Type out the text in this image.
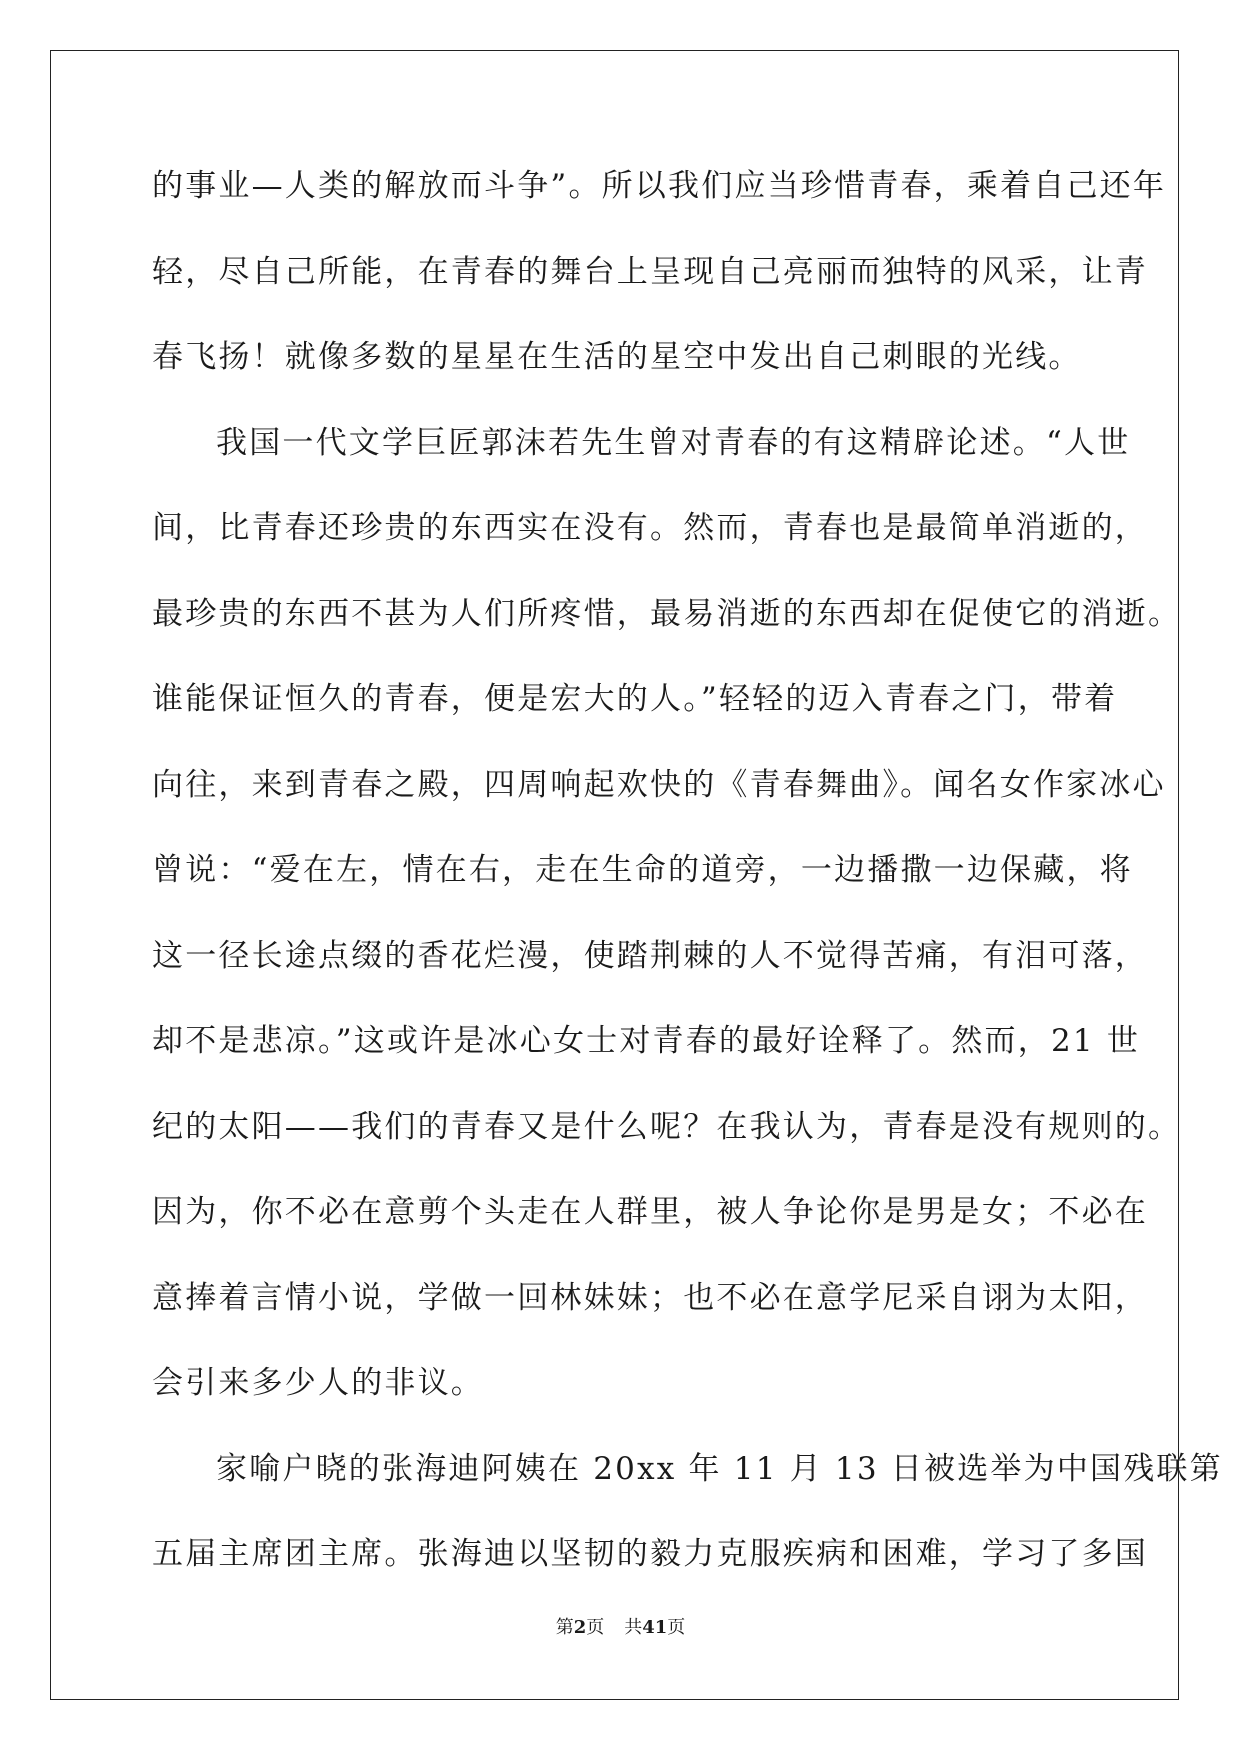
的事业—人类的解放而斗争”。所以我们应当珍惜青春，乘着自己还年
轻，尽自己所能，在青春的舞台上呈现自己亮丽而独特的风采，让青
春飞扬！就像多数的星星在生活的星空中发出自己刺眼的光线。
我国一代文学巨匠郭沫若先生曾对青春的有这精辟论述。“人世
间，比青春还珍贵的东西实在没有。然而，青春也是最简单消逝的，
最珍贵的东西不甚为人们所疼惜，最易消逝的东西却在促使它的消逝。
谁能保证恒久的青春，便是宏大的人。”轻轻的迈入青春之门，带着
向往，来到青春之殿，四周响起欢快的《青春舞曲》。闻名女作家冰心
曾说：“爱在左，情在右，走在生命的道旁，一边播撒一边保藏，将
这一径长途点缀的香花烂漫，使踏荆棘的人不觉得苦痛，有泪可落，
却不是悲凉。”这或许是冰心女士对青春的最好诠释了。然而，21 世
纪的太阳——我们的青春又是什么呢？在我认为，青春是没有规则的。
因为，你不必在意剪个头走在人群里，被人争论你是男是女；不必在
意捧着言情小说，学做一回林妹妹；也不必在意学尼采自诩为太阳，
会引来多少人的非议。
家喻户晓的张海迪阿姨在 20xx 年 11 月 13 日被选举为中国残联第
五届主席团主席。张海迪以坚韧的毅力克服疾病和困难，学习了多国
第2页 共41页
